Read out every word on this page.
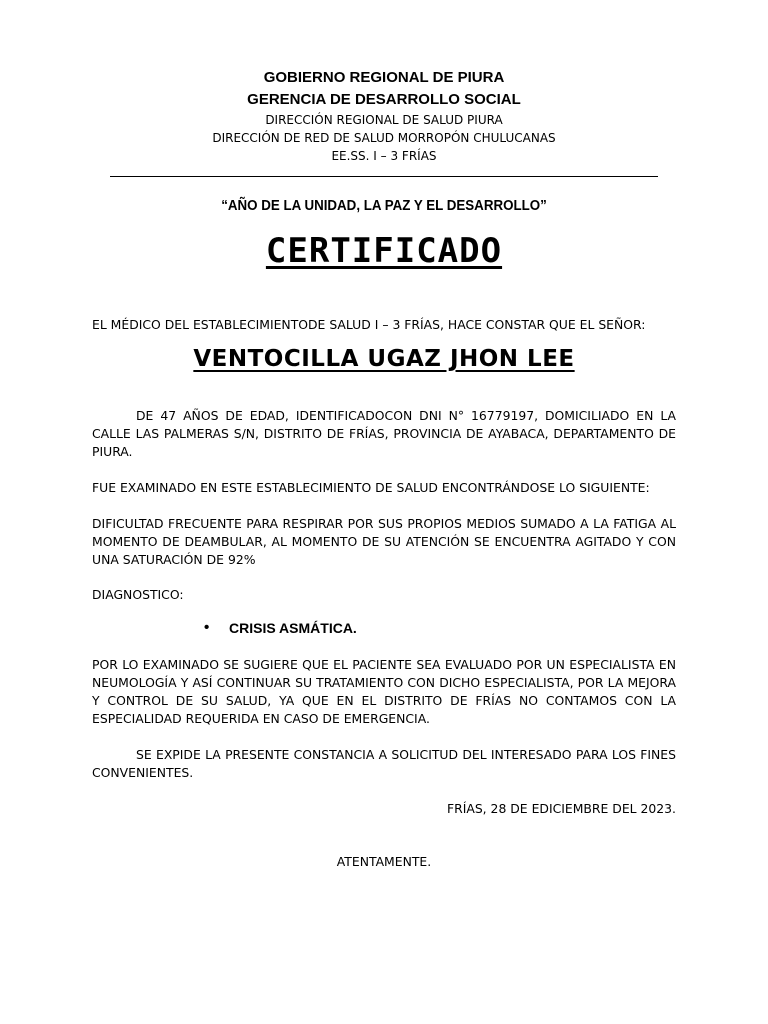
GOBIERNO REGIONAL DE PIURA
GERENCIA DE DESARROLLO SOCIAL
DIRECCIÓN REGIONAL DE SALUD PIURA
DIRECCIÓN DE RED DE SALUD MORROPÓN CHULUCANAS
EE.SS. I – 3 FRÍAS
“AÑO DE LA UNIDAD, LA PAZ Y EL DESARROLLO”
CERTIFICADO
EL MÉDICO DEL ESTABLECIMIENTODE SALUD I – 3 FRÍAS, HACE CONSTAR QUE EL SEÑOR:
VENTOCILLA UGAZ JHON LEE
DE 47 AÑOS DE EDAD, IDENTIFICADOCON DNI N° 16779197, DOMICILIADO EN LA CALLE LAS PALMERAS S/N, DISTRITO DE FRÍAS, PROVINCIA DE AYABACA, DEPARTAMENTO DE PIURA.
FUE EXAMINADO EN ESTE ESTABLECIMIENTO DE SALUD ENCONTRÁNDOSE LO SIGUIENTE:
DIFICULTAD FRECUENTE PARA RESPIRAR POR SUS PROPIOS MEDIOS SUMADO A LA FATIGA AL MOMENTO DE DEAMBULAR, AL MOMENTO DE SU ATENCIÓN SE ENCUENTRA AGITADO Y CON UNA SATURACIÓN DE 92%
DIAGNOSTICO:
• CRISIS ASMÁTICA.
POR LO EXAMINADO SE SUGIERE QUE EL PACIENTE SEA EVALUADO POR UN ESPECIALISTA EN NEUMOLOGÍA Y ASÍ CONTINUAR SU TRATAMIENTO CON DICHO ESPECIALISTA, POR LA MEJORA Y CONTROL DE SU SALUD, YA QUE EN EL DISTRITO DE FRÍAS NO CONTAMOS CON LA ESPECIALIDAD REQUERIDA EN CASO DE EMERGENCIA.
SE EXPIDE LA PRESENTE CONSTANCIA A SOLICITUD DEL INTERESADO PARA LOS FINES CONVENIENTES.
FRÍAS, 28 DE EDICIEMBRE DEL 2023.
ATENTAMENTE.
